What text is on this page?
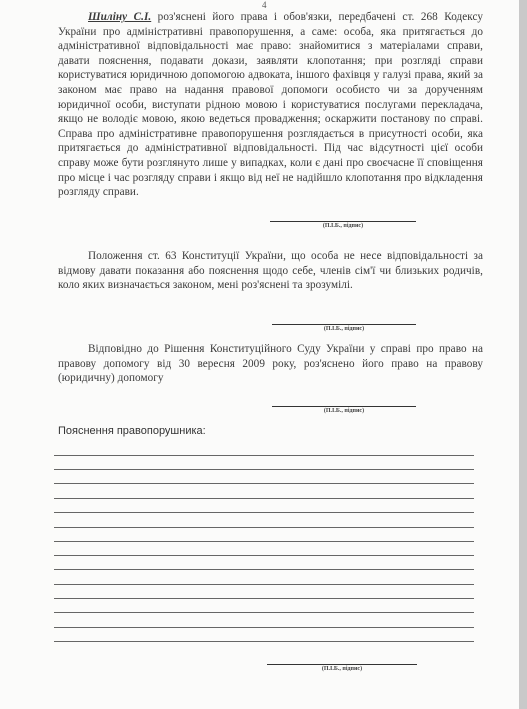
4

Шиліну С.І. роз'яснені його права і обов'язки, передбачені ст. 268 Кодексу України про адміністративні правопорушення, а саме: особа, яка притягається до адміністративної відповідальності має право: знайомитися з матеріалами справи, давати пояснення, подавати докази, заявляти клопотання; при розгляді справи користуватися юридичною допомогою адвоката, іншого фахівця у галузі права, який за законом має право на надання правової допомоги особисто чи за дорученням юридичної особи, виступати рідною мовою і користуватися послугами перекладача, якщо не володіє мовою, якою ведеться провадження; оскаржити постанову по справі. Справа про адміністративне правопорушення розглядається в присутності особи, яка притягається до адміністративної відповідальності. Під час відсутності цієї особи справу може бути розглянуто лише у випадках, коли є дані про своєчасне її сповіщення про місце і час розгляду справи і якщо від неї не надійшло клопотання про відкладення розгляду справи.

(П.І.Б., підпис)

Положення ст. 63 Конституції України, що особа не несе відповідальності за відмову давати показання або пояснення щодо себе, членів сім'ї чи близьких родичів, коло яких визначається законом, мені роз'яснені та зрозумілі.

(П.І.Б., підпис)

Відповідно до Рішення Конституційного Суду України у справі про право на правову допомогу від 30 вересня 2009 року, роз'яснено його право на правову (юридичну) допомогу

(П.І.Б., підпис)
Пояснення правопорушника:
(П.І.Б., підпис)
